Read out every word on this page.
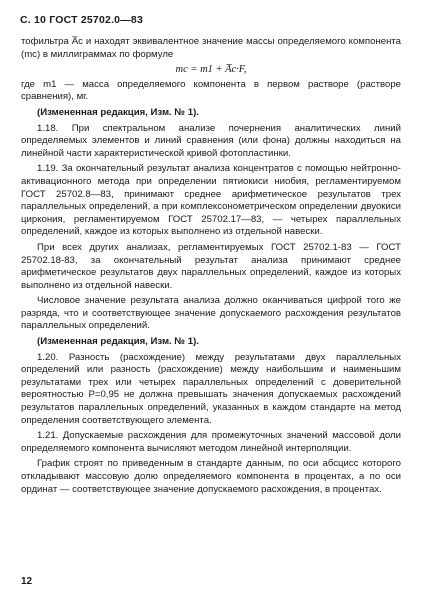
С. 10 ГОСТ 25702.0—83

тофильтра A̅c и находят эквивалентное значение массы определяемого компонента (mc) в миллиграммах по формуле

mc = m1 + A̅c·F,

где m1 — масса определяемого компонента в первом растворе (растворе сравнения), мг.

(Измененная редакция, Изм. № 1).

1.18. При спектральном анализе почернения аналитических линий определяемых элементов и линий сравнения (или фона) должны находиться на линейной части характеристической кривой фотопластинки.

1.19. За окончательный результат анализа концентратов с помощью нейтронно-активационного метода при определении пятиокиси ниобия, регламентируемом ГОСТ 25702.8—83, принимают среднее арифметическое результатов трех параллельных определений, а при комплексонометрическом определении двуокиси циркония, регламентируемом ГОСТ 25702.17—83, — четырех параллельных определений, каждое из которых выполнено из отдельной навески.

При всех других анализах, регламентируемых ГОСТ 25702.1-83 — ГОСТ 25702.18-83, за окончательный результат анализа принимают среднее арифметическое результатов двух параллельных определений, каждое из которых выполнено из отдельной навески.

Числовое значение результата анализа должно оканчиваться цифрой того же разряда, что и соответствующее значение допускаемого расхождения результатов параллельных определений.

(Измененная редакция, Изм. № 1).

1.20. Разность (расхождение) между результатами двух параллельных определений или разность (расхождение) между наибольшим и наименьшим результатами трех или четырех параллельных определений с доверительной вероятностью P=0,95 не должна превышать значения допускаемых расхождений результатов параллельных определений, указанных в каждом стандарте на метод определения соответствующего элемента.

1.21. Допускаемые расхождения для промежуточных значений массовой доли определяемого компонента вычисляют методом линейной интерполяции.

График строят по приведенным в стандарте данным, по оси абсцисс которого откладывают массовую долю определяемого компонента в процентах, а по оси ординат — соответствующее значение допускаемого расхождения, в процентах.

12
